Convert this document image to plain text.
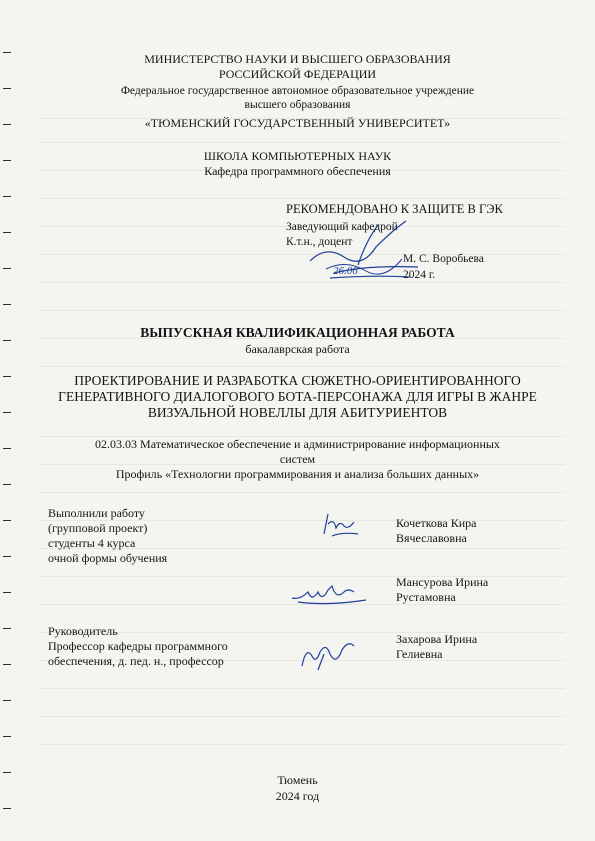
МИНИСТЕРСТВО НАУКИ И ВЫСШЕГО ОБРАЗОВАНИЯ
РОССИЙСКОЙ ФЕДЕРАЦИИ
Федеральное государственное автономное образовательное учреждение
высшего образования
«ТЮМЕНСКИЙ ГОСУДАРСТВЕННЫЙ УНИВЕРСИТЕТ»
ШКОЛА КОМПЬЮТЕРНЫХ НАУК
Кафедра программного обеспечения
РЕКОМЕНДОВАНО К ЗАЩИТЕ В ГЭК
Заведующий кафедрой
К.т.н., доцент
М. С. Воробьева
2024 г.
26.06
ВЫПУСКНАЯ КВАЛИФИКАЦИОННАЯ РАБОТА
бакалаврская работа
ПРОЕКТИРОВАНИЕ И РАЗРАБОТКА СЮЖЕТНО-ОРИЕНТИРОВАННОГО
ГЕНЕРАТИВНОГО ДИАЛОГОВОГО БОТА-ПЕРСОНАЖА ДЛЯ ИГРЫ В ЖАНРЕ
ВИЗУАЛЬНОЙ НОВЕЛЛЫ ДЛЯ АБИТУРИЕНТОВ
02.03.03 Математическое обеспечение и администрирование информационных
систем
Профиль «Технологии программирования и анализа больших данных»
Выполнили работу
(групповой проект)
студенты 4 курса
очной формы обучения
Кочеткова Кира
Вячеславовна
Мансурова Ирина
Рустамовна
Руководитель
Профессор кафедры программного
обеспечения, д. пед. н., профессор
Захарова Ирина
Гелиевна
Тюмень
2024 год
